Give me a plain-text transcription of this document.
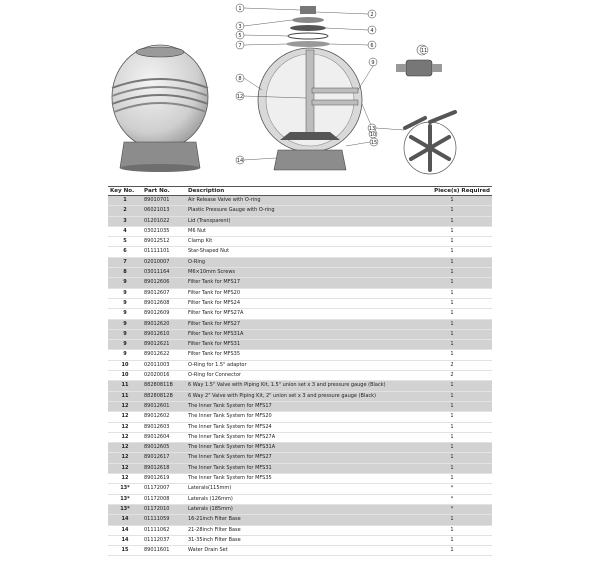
1
2
3
4
5
6
7
8
9
10
11
12
13
14
15
Key No.	Part No.	Description	Piece(s) Required
1	89010701	Air Release Valve with O-ring	1
2	06021013	Plastic Pressure Gauge with O-ring	1
3	01201022	Lid (Transparent)	1
4	03021035	M6 Nut	1
5	89012512	Clamp Kit	1
6	01111101	Star-Shaped Nut	1
7	02010007	O-Ring	1
8	03011164	M6×10mm Screws	1
9	89012606	Filter Tank for MFS17	1
9	89012607	Filter Tank for MFS20	1
9	89012608	Filter Tank for MFS24	1
9	89012609	Filter Tank for MFS27A	1
9	89012620	Filter Tank for MFS27	1
9	89012610	Filter Tank for MFS31A	1
9	89012621	Filter Tank for MFS31	1
9	89012622	Filter Tank for MFS35	1
10	02011003	O-Ring for 1.5" adaptor	2
10	02020016	O-Ring for Connector	2
11	88280811B	6 Way 1.5" Valve with Piping Kit, 1.5" union set x 3 and pressure gauge (Black)	1
11	88280812B	6 Way 2" Valve with Piping Kit, 2" union set x 3 and pressure gauge (Black)	1
12	89012601	The Inner Tank System for MFS17	1
12	89012602	The Inner Tank System for MFS20	1
12	89012603	The Inner Tank System for MFS24	1
12	89012604	The Inner Tank System for MFS27A	1
12	89012605	The Inner Tank System for MFS31A	1
12	89012617	The Inner Tank System for MFS27	1
12	89012618	The Inner Tank System for MFS31	1
12	89012619	The Inner Tank System for MFS35	1
13*	01172007	Laterals(115mm)	*
13*	01172008	Laterals (126mm)	*
13*	01172010	Laterals (185mm)	*
14	01111059	16-21inch Filter Base	1
14	01111062	21-28inch Filter Base	1
14	01112037	31-35inch Filter Base	1
15	89011601	Water Drain Set	1
